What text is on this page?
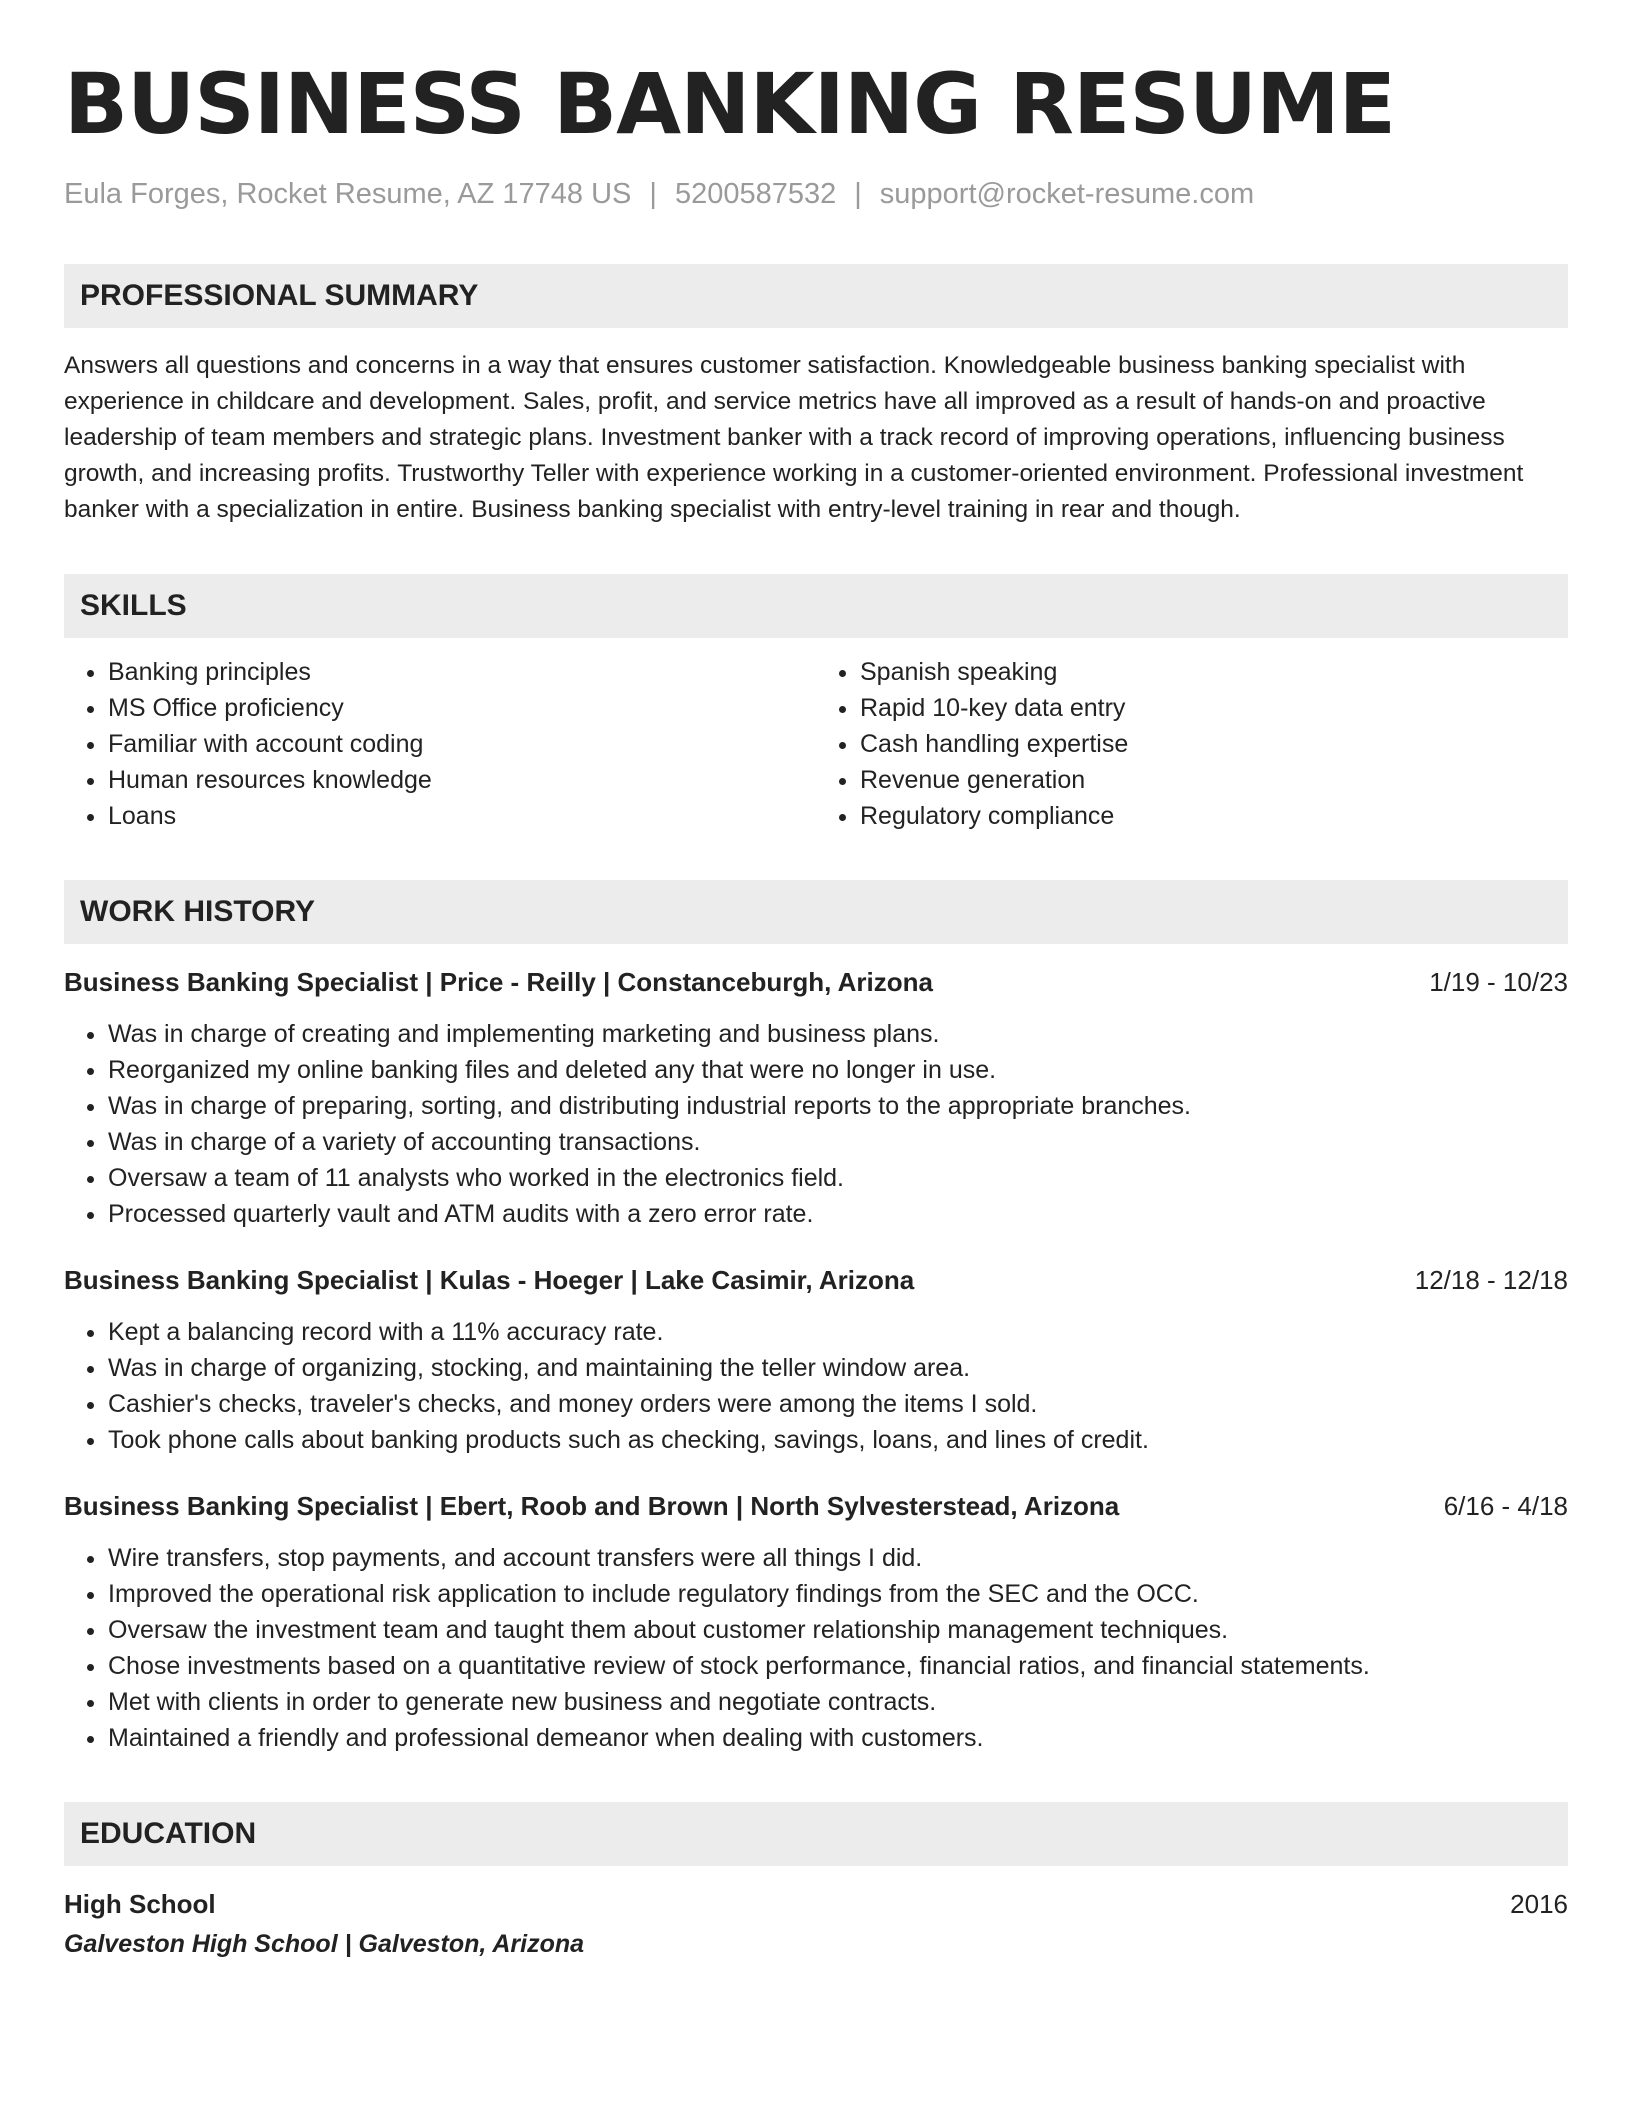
BUSINESS BANKING RESUME
Eula Forges, Rocket Resume, AZ 17748 US | 5200587532 | support@rocket-resume.com
PROFESSIONAL SUMMARY

Answers all questions and concerns in a way that ensures customer satisfaction. Knowledgeable business banking specialist with experience in childcare and development. Sales, profit, and service metrics have all improved as a result of hands-on and proactive leadership of team members and strategic plans. Investment banker with a track record of improving operations, influencing business growth, and increasing profits. Trustworthy Teller with experience working in a customer-oriented environment. Professional investment banker with a specialization in entire. Business banking specialist with entry-level training in rear and though.

SKILLS
• Banking principles
• MS Office proficiency
• Familiar with account coding
• Human resources knowledge
• Loans
• Spanish speaking
• Rapid 10-key data entry
• Cash handling expertise
• Revenue generation
• Regulatory compliance
WORK HISTORY
Business Banking Specialist | Price - Reilly | Constanceburgh, Arizona	1/19 - 10/23
• Was in charge of creating and implementing marketing and business plans.
• Reorganized my online banking files and deleted any that were no longer in use.
• Was in charge of preparing, sorting, and distributing industrial reports to the appropriate branches.
• Was in charge of a variety of accounting transactions.
• Oversaw a team of 11 analysts who worked in the electronics field.
• Processed quarterly vault and ATM audits with a zero error rate.
Business Banking Specialist | Kulas - Hoeger | Lake Casimir, Arizona	12/18 - 12/18
• Kept a balancing record with a 11% accuracy rate.
• Was in charge of organizing, stocking, and maintaining the teller window area.
• Cashier's checks, traveler's checks, and money orders were among the items I sold.
• Took phone calls about banking products such as checking, savings, loans, and lines of credit.
Business Banking Specialist | Ebert, Roob and Brown | North Sylvesterstead, Arizona	6/16 - 4/18
• Wire transfers, stop payments, and account transfers were all things I did.
• Improved the operational risk application to include regulatory findings from the SEC and the OCC.
• Oversaw the investment team and taught them about customer relationship management techniques.
• Chose investments based on a quantitative review of stock performance, financial ratios, and financial statements.
• Met with clients in order to generate new business and negotiate contracts.
• Maintained a friendly and professional demeanor when dealing with customers.
EDUCATION
High School	2016
Galveston High School | Galveston, Arizona
